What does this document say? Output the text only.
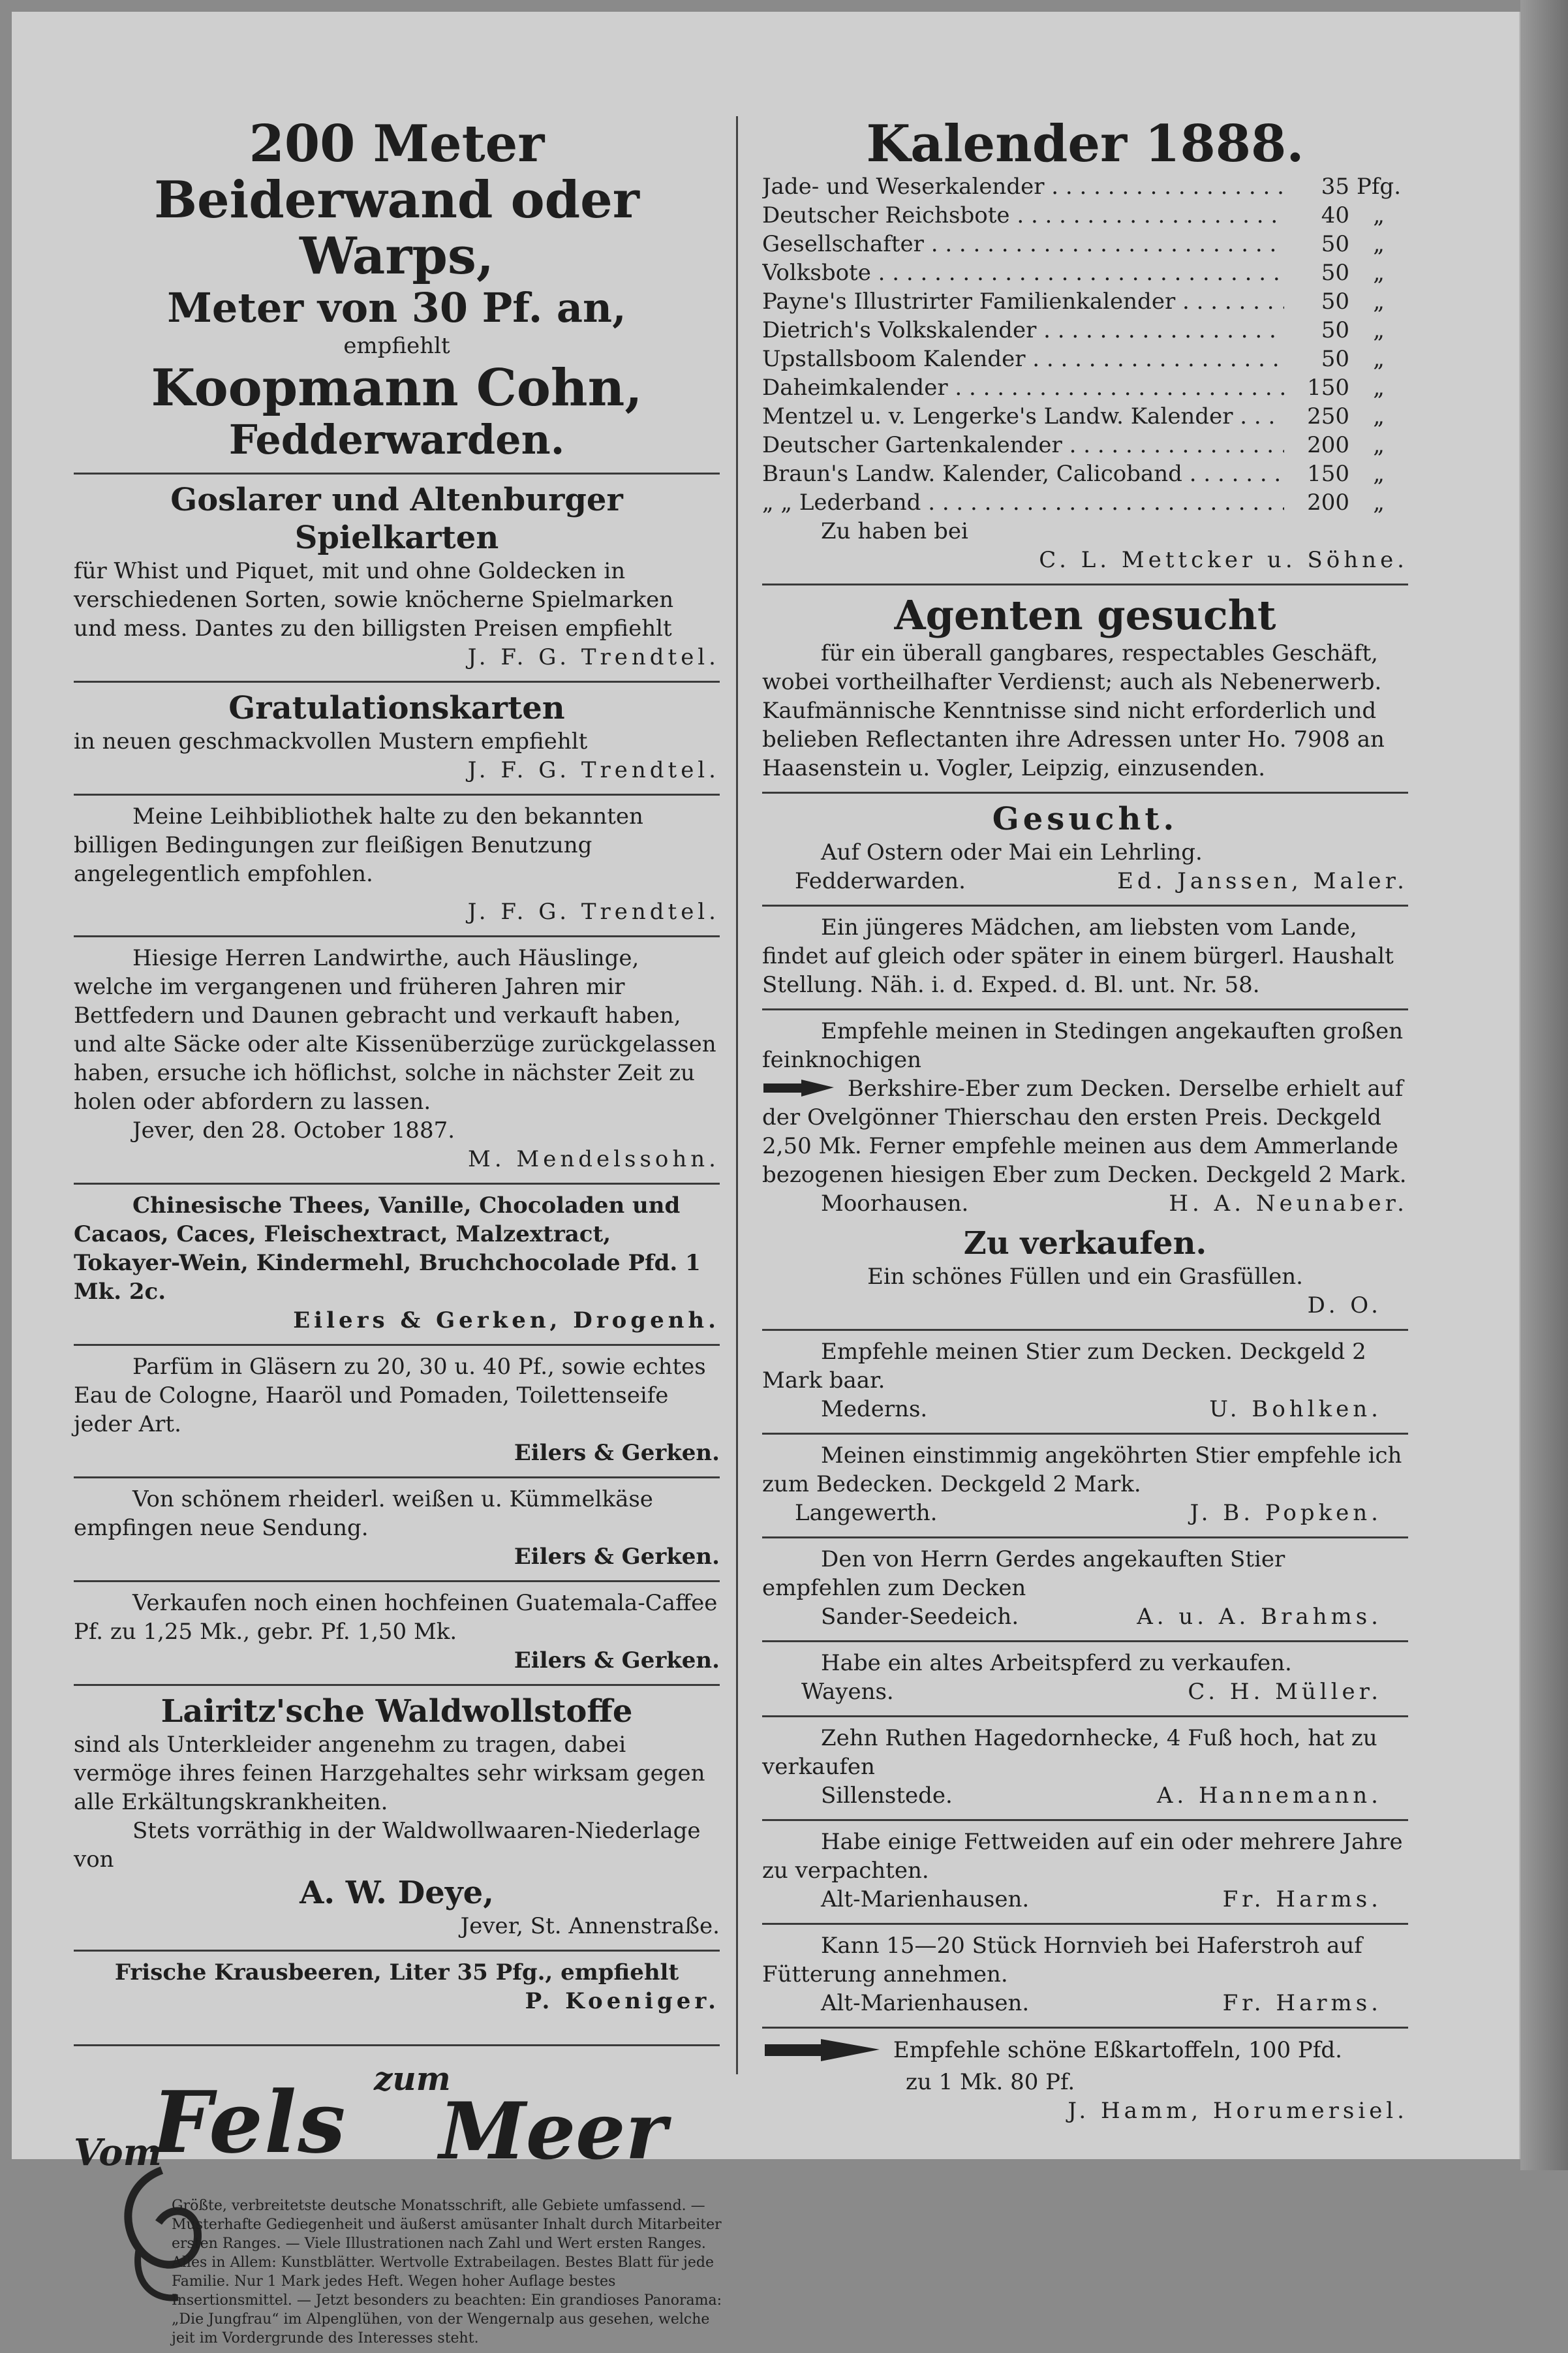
200 Meter
Beiderwand oder Warps,
Meter von 30 Pf. an,
empfiehlt
Koopmann Cohn,
Fedderwarden.
Goslarer und Altenburger Spielkarten
für Whist und Piquet, mit und ohne Goldecken in verschiedenen Sorten, sowie knöcherne Spielmarken und mess. Dantes zu den billigsten Preisen empfiehlt
J. F. G. Trendtel.
Gratulationskarten
in neuen geschmackvollen Mustern empfiehlt
J. F. G. Trendtel.
Meine Leihbibliothek halte zu den bekannten billigen Bedingungen zur fleißigen Benutzung angelegentlich empfohlen.
J. F. G. Trendtel.
Hiesige Herren Landwirthe, auch Häuslinge, welche im vergangenen und früheren Jahren mir Bettfedern und Daunen gebracht und verkauft haben, und alte Säcke oder alte Kissenüberzüge zurückgelassen haben, ersuche ich höflichst, solche in nächster Zeit zu holen oder abfordern zu lassen.
Jever, den 28. October 1887.
M. Mendelssohn.
Chinesische Thees, Vanille, Chocoladen und Cacaos, Caces, Fleischextract, Malzextract, Tokayer-Wein, Kindermehl, Bruchchocolade Pfd. 1 Mk. 2c.
Eilers & Gerken, Drogenh.
Parfüm in Gläsern zu 20, 30 u. 40 Pf., sowie echtes Eau de Cologne, Haaröl und Pomaden, Toilettenseife jeder Art.
Eilers & Gerken.
Von schönem rheiderl. weißen u. Kümmelkäse empfingen neue Sendung.
Eilers & Gerken.
Verkaufen noch einen hochfeinen Guatemala-Caffee Pf. zu 1,25 Mk., gebr. Pf. 1,50 Mk.
Eilers & Gerken.
Lairitz'sche Waldwollstoffe
sind als Unterkleider angenehm zu tragen, dabei vermöge ihres feinen Harzgehaltes sehr wirksam gegen alle Erkältungskrankheiten.
Stets vorräthig in der Waldwollwaaren-Niederlage von
A. W. Deye,
Jever, St. Annenstraße.
Frische Krausbeeren, Liter 35 Pfg., empfiehlt
P. Koeniger.
Vom
Fels zum
Meer
Größte, verbreitetste deutsche Monatsschrift, alle Gebiete umfassend. — Musterhafte Gediegenheit und äußerst amüsanter Inhalt durch Mitarbeiter ersten Ranges. — Viele Illustrationen nach Zahl und Wert ersten Ranges. Alles in Allem: Kunstblätter. Wertvolle Extrabeilagen. Bestes Blatt für jede Familie. Nur 1 Mark jedes Heft. Wegen hoher Auflage bestes Insertionsmittel. — Jetzt besonders zu beachten: Ein grandioses Panorama: „Die Jungfrau“ im Alpenglühen, von der Wengernalp aus gesehen, welche jeit im Vordergrunde des Interesses steht.
Kalender 1888.
Jade- und Weserkalender . . .	35 Pfg.
Deutscher Reichsbote . . .	40	„
Gesellschafter . . .	50	„
Volksbote . . .	50	„
Payne's Illustrirter Familienkalender . . .	50	„
Dietrich's Volkskalender . . .	50	„
Upstallsboom Kalender . . .	50	„
Daheimkalender . . .	150	„
Mentzel u. v. Lengerke's Landw. Kalender . . .	250	„
Deutscher Gartenkalender . . .	200	„
Braun's Landw. Kalender, Calicoband . . .	150	„
„ „ Lederband . . .	200	„
Zu haben bei
C. L. Mettcker u. Söhne.
Agenten gesucht
für ein überall gangbares, respectables Geschäft, wobei vortheilhafter Verdienst; auch als Nebenerwerb. Kaufmännische Kenntnisse sind nicht erforderlich und belieben Reflectanten ihre Adressen unter Ho. 7908 an Haasenstein u. Vogler, Leipzig, einzusenden.
Gesucht.
Auf Ostern oder Mai ein Lehrling.
Fedderwarden.	Ed. Janssen, Maler.
Ein jüngeres Mädchen, am liebsten vom Lande, findet auf gleich oder später in einem bürgerl. Haushalt Stellung. Näh. i. d. Exped. d. Bl. unt. Nr. 58.
Empfehle meinen in Stedingen angekauften großen feinknochigen
Berkshire-Eber zum Decken. Derselbe erhielt auf der Ovelgönner Thierschau den ersten Preis. Deckgeld 2,50 Mk. Ferner empfehle meinen aus dem Ammerlande bezogenen hiesigen Eber zum Decken. Deckgeld 2 Mark.
Moorhausen.	H. A. Neunaber.
Zu verkaufen.
Ein schönes Füllen und ein Grasfüllen.
D. O.
Empfehle meinen Stier zum Decken. Deckgeld 2 Mark baar.
Mederns.	U. Bohlken.
Meinen einstimmig angeköhrten Stier empfehle ich zum Bedecken. Deckgeld 2 Mark.
Langewerth.	J. B. Popken.
Den von Herrn Gerdes angekauften Stier empfehlen zum Decken
Sander-Seedeich.	A. u. A. Brahms.
Habe ein altes Arbeitspferd zu verkaufen.
Wayens.	C. H. Müller.
Zehn Ruthen Hagedornhecke, 4 Fuß hoch, hat zu verkaufen
Sillenstede.	A. Hannemann.
Habe einige Fettweiden auf ein oder mehrere Jahre zu verpachten.
Alt-Marienhausen.	Fr. Harms.
Kann 15—20 Stück Hornvieh bei Haferstroh auf Fütterung annehmen.
Alt-Marienhausen.	Fr. Harms.
Empfehle schöne Eßkartoffeln, 100 Pfd.
zu 1 Mk. 80 Pf.
J. Hamm, Horumersiel.
